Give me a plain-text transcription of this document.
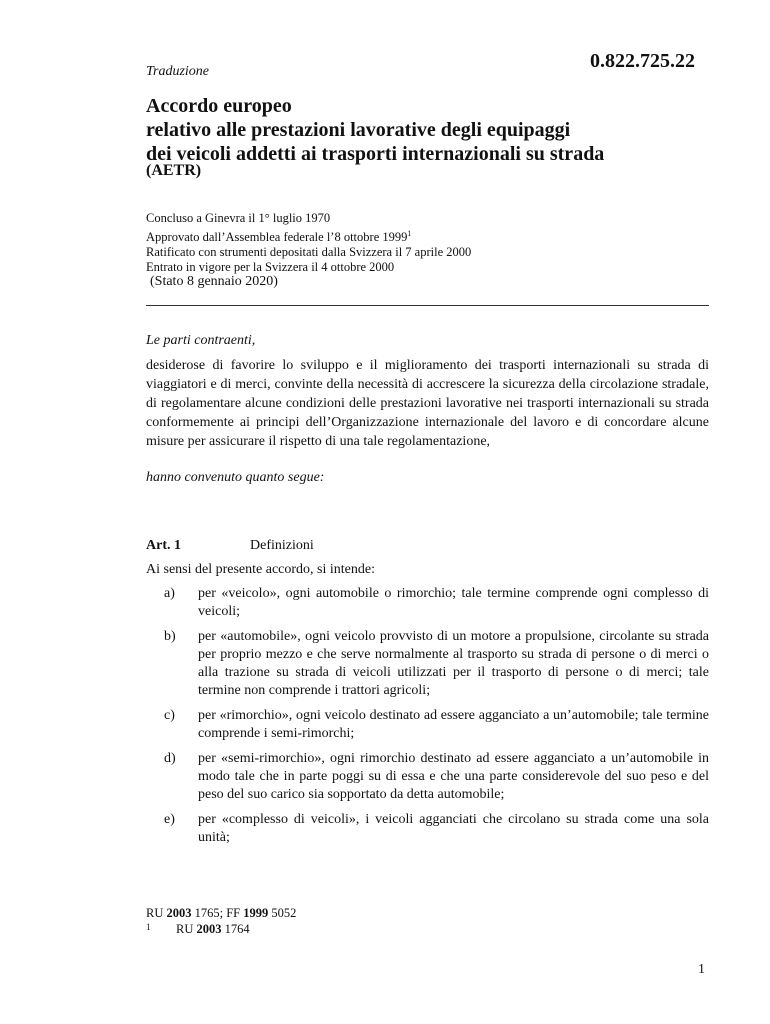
0.822.725.22
Traduzione
Accordo europeo
relativo alle prestazioni lavorative degli equipaggi
dei veicoli addetti ai trasporti internazionali su strada
(AETR)
Concluso a Ginevra il 1° luglio 1970
Approvato dall’Assemblea federale l’8 ottobre 1999$^1$
Ratificato con strumenti depositati dalla Svizzera il 7 aprile 2000
Entrato in vigore per la Svizzera il 4 ottobre 2000
(Stato 8 gennaio 2020)
Le parti contraenti,
desiderose di favorire lo sviluppo e il miglioramento dei trasporti internazionali su strada di viaggiatori e di merci, convinte della necessità di accrescere la sicurezza della circolazione stradale, di regolamentare alcune condizioni delle prestazioni lavorative nei trasporti internazionali su strada conformemente ai principi dell’Organizzazione internazionale del lavoro e di concordare alcune misure per assicurare il rispetto di una tale regolamentazione,
hanno convenuto quanto segue:
Art. 1	Definizioni
Ai sensi del presente accordo, si intende:
a)	per «veicolo», ogni automobile o rimorchio; tale termine comprende ogni complesso di veicoli;
b)	per «automobile», ogni veicolo provvisto di un motore a propulsione, circolante su strada per proprio mezzo e che serve normalmente al trasporto su strada di persone o di merci o alla trazione su strada di veicoli utilizzati per il trasporto di persone o di merci; tale termine non comprende i trattori agricoli;
c)	per «rimorchio», ogni veicolo destinato ad essere agganciato a un’automobile; tale termine comprende i semi-rimorchi;
d)	per «semi-rimorchio», ogni rimorchio destinato ad essere agganciato a un’automobile in modo tale che in parte poggi su di essa e che una parte considerevole del suo peso e del peso del suo carico sia sopportato da detta automobile;
e)	per «complesso di veicoli», i veicoli agganciati che circolano su strada come una sola unità;
RU 2003 1765; FF 1999 5052
1 RU 2003 1764
1
